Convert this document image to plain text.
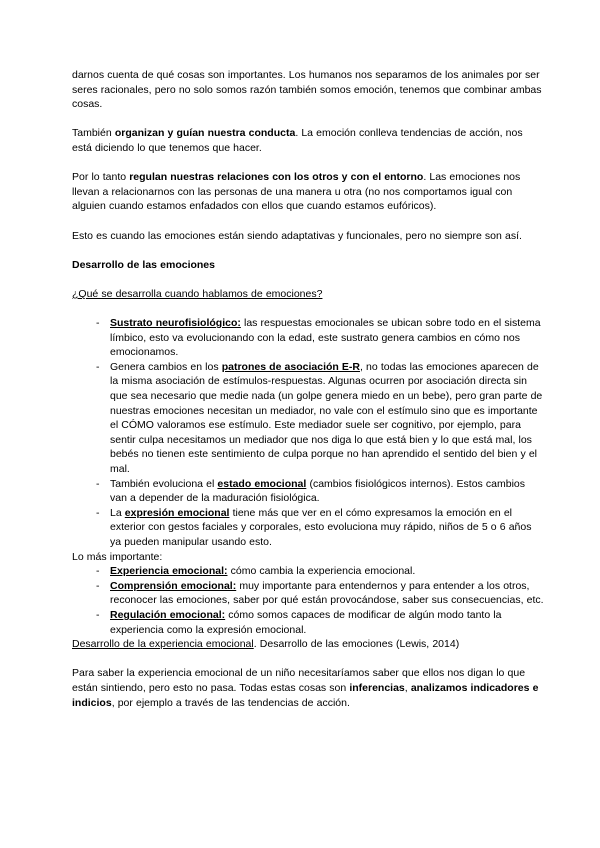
darnos cuenta de qué cosas son importantes. Los humanos nos separamos de los animales por ser seres racionales, pero no solo somos razón también somos emoción, tenemos que combinar ambas cosas.
También organizan y guían nuestra conducta. La emoción conlleva tendencias de acción, nos está diciendo lo que tenemos que hacer.
Por lo tanto regulan nuestras relaciones con los otros y con el entorno. Las emociones nos llevan a relacionarnos con las personas de una manera u otra (no nos comportamos igual con alguien cuando estamos enfadados con ellos que cuando estamos eufóricos).
Esto es cuando las emociones están siendo adaptativas y funcionales, pero no siempre son así.
Desarrollo de las emociones
¿Qué se desarrolla cuando hablamos de emociones?
-	Sustrato neurofisiológico: las respuestas emocionales se ubican sobre todo en el sistema límbico, esto va evolucionando con la edad, este sustrato genera cambios en cómo nos emocionamos.
-	Genera cambios en los patrones de asociación E-R, no todas las emociones aparecen de la misma asociación de estímulos-respuestas. Algunas ocurren por asociación directa sin que sea necesario que medie nada (un golpe genera miedo en un bebe), pero gran parte de nuestras emociones necesitan un mediador, no vale con el estímulo sino que es importante el CÓMO valoramos ese estímulo. Este mediador suele ser cognitivo, por ejemplo, para sentir culpa necesitamos un mediador que nos diga lo que está bien y lo que está mal, los bebés no tienen este sentimiento de culpa porque no han aprendido el sentido del bien y el mal.
-	También evoluciona el estado emocional (cambios fisiológicos internos). Estos cambios van a depender de la maduración fisiológica.
-	La expresión emocional tiene más que ver en el cómo expresamos la emoción en el exterior con gestos faciales y corporales, esto evoluciona muy rápido, niños de 5 o 6 años ya pueden manipular usando esto.
Lo más importante:
-	Experiencia emocional: cómo cambia la experiencia emocional.
-	Comprensión emocional: muy importante para entendernos y para entender a los otros, reconocer las emociones, saber por qué están provocándose, saber sus consecuencias, etc.
-	Regulación emocional: cómo somos capaces de modificar de algún modo tanto la experiencia como la expresión emocional.
Desarrollo de la experiencia emocional. Desarrollo de las emociones (Lewis, 2014)
Para saber la experiencia emocional de un niño necesitaríamos saber que ellos nos digan lo que están sintiendo, pero esto no pasa. Todas estas cosas son inferencias, analizamos indicadores e indicios, por ejemplo a través de las tendencias de acción.
